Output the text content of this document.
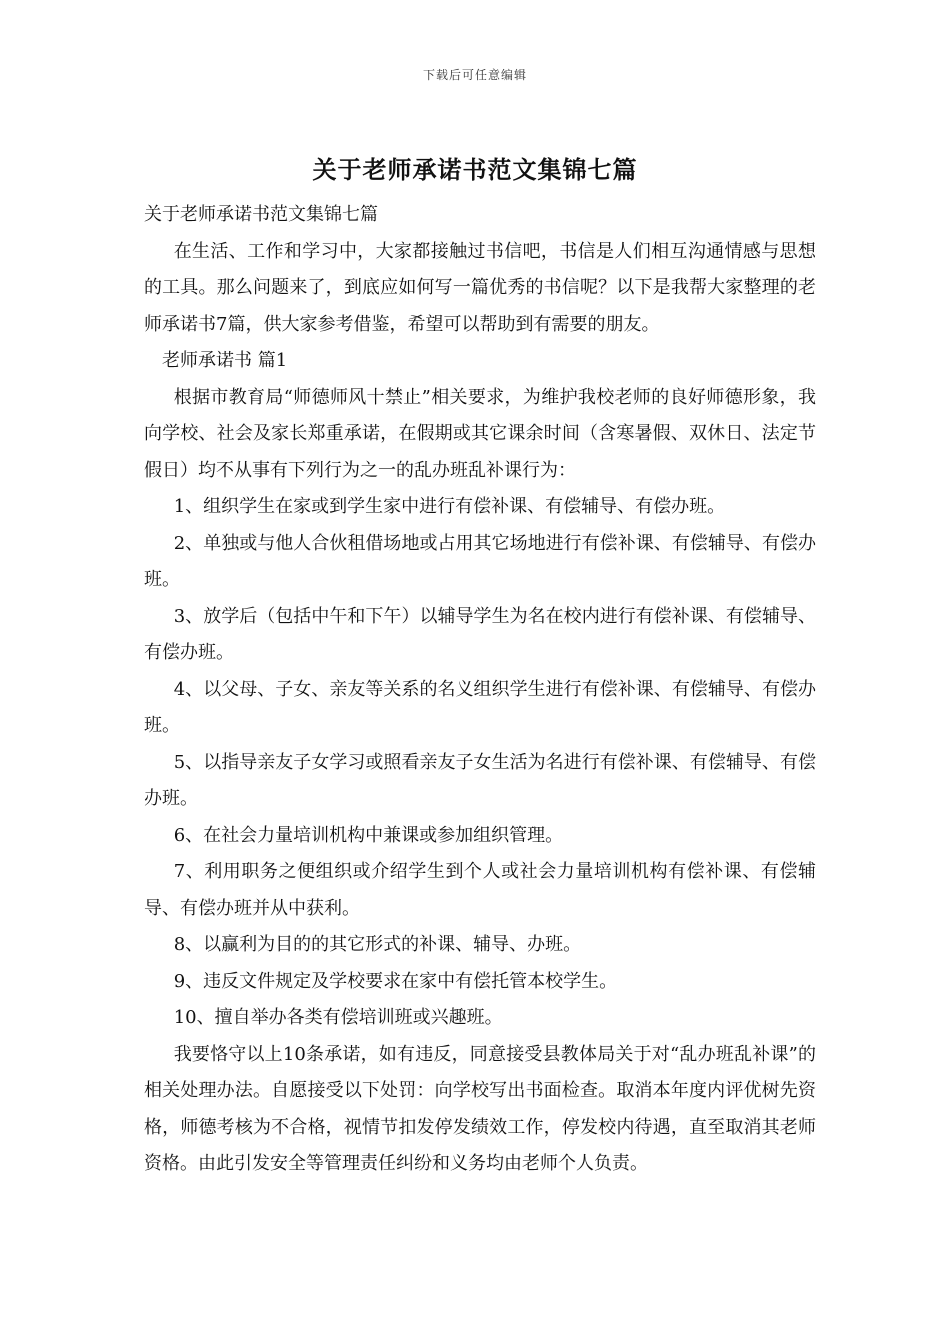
下载后可任意编辑
关于老师承诺书范文集锦七篇

关于老师承诺书范文集锦七篇

在生活、工作和学习中，大家都接触过书信吧，书信是人们相互沟通情感与思想的工具。那么问题来了，到底应如何写一篇优秀的书信呢？以下是我帮大家整理的老师承诺书7篇，供大家参考借鉴，希望可以帮助到有需要的朋友。

老师承诺书 篇1

根据市教育局“师德师风十禁止”相关要求，为维护我校老师的良好师德形象，我向学校、社会及家长郑重承诺，在假期或其它课余时间（含寒暑假、双休日、法定节假日）均不从事有下列行为之一的乱办班乱补课行为：

1、组织学生在家或到学生家中进行有偿补课、有偿辅导、有偿办班。

2、单独或与他人合伙租借场地或占用其它场地进行有偿补课、有偿辅导、有偿办班。

3、放学后（包括中午和下午）以辅导学生为名在校内进行有偿补课、有偿辅导、有偿办班。

4、以父母、子女、亲友等关系的名义组织学生进行有偿补课、有偿辅导、有偿办班。

5、以指导亲友子女学习或照看亲友子女生活为名进行有偿补课、有偿辅导、有偿办班。

6、在社会力量培训机构中兼课或参加组织管理。

7、利用职务之便组织或介绍学生到个人或社会力量培训机构有偿补课、有偿辅导、有偿办班并从中获利。

8、以赢利为目的的其它形式的补课、辅导、办班。

9、违反文件规定及学校要求在家中有偿托管本校学生。

10、擅自举办各类有偿培训班或兴趣班。

我要恪守以上10条承诺，如有违反，同意接受县教体局关于对“乱办班乱补课”的相关处理办法。自愿接受以下处罚：向学校写出书面检查。取消本年度内评优树先资格，师德考核为不合格，视情节扣发停发绩效工作，停发校内待遇，直至取消其老师资格。由此引发安全等管理责任纠纷和义务均由老师个人负责。
